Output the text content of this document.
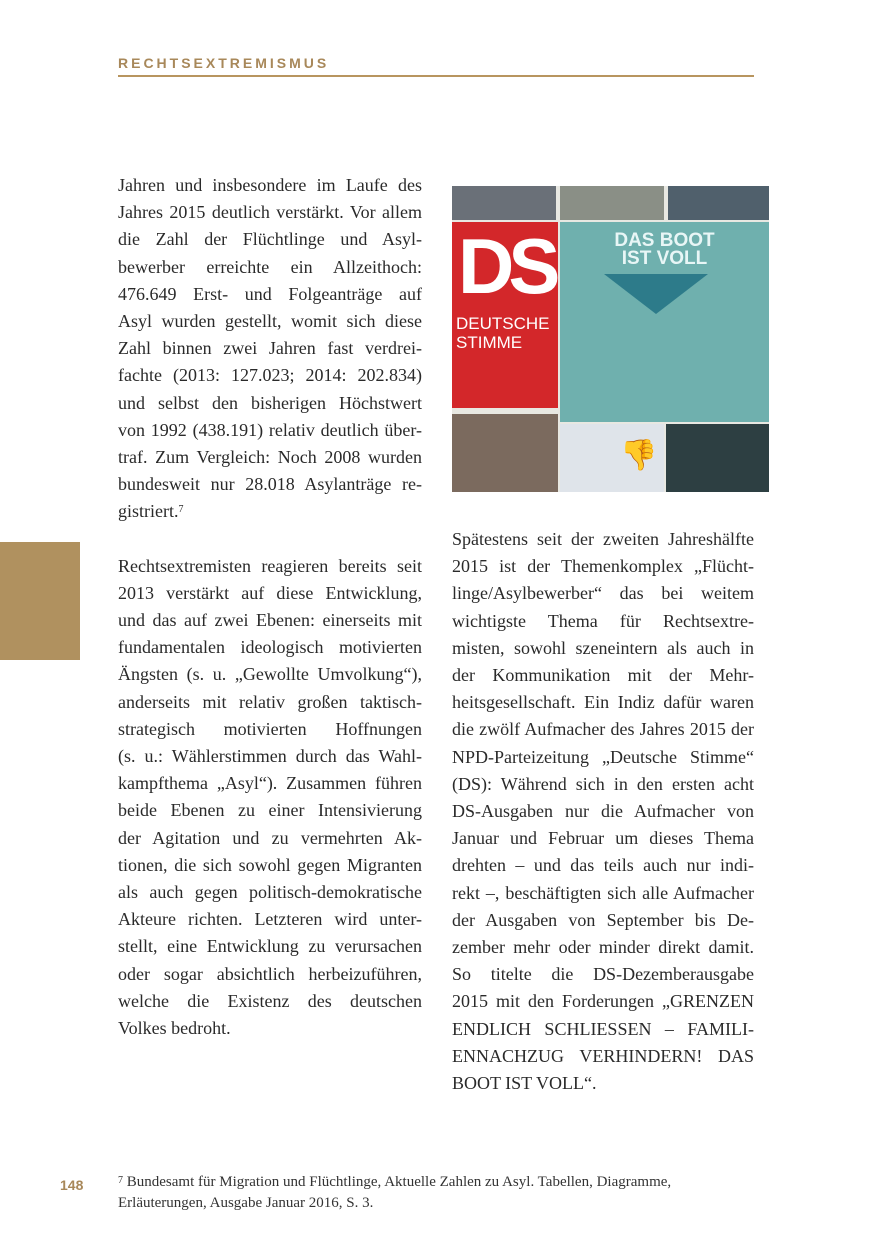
RECHTSEXTREMISMUS

Jahren und insbesondere im Laufe des

Jahres 2015 deutlich verstärkt. Vor allem

die Zahl der Flüchtlinge und Asyl-

bewerber erreichte ein Allzeithoch:

476.649 Erst- und Folgeanträge auf

Asyl wurden gestellt, womit sich diese

Zahl binnen zwei Jahren fast verdrei-

fachte (2013: 127.023; 2014: 202.834)

und selbst den bisherigen Höchstwert

von 1992 (438.191) relativ deutlich über-

traf. Zum Vergleich: Noch 2008 wurden

bundesweit nur 28.018 Asylanträge re-

gistriert.$^7$

Rechtsextremisten reagieren bereits seit

2013 verstärkt auf diese Entwicklung,

und das auf zwei Ebenen: einerseits mit

fundamentalen ideologisch motivierten

Ängsten (s. u. „Gewollte Umvolkung“),

anderseits mit relativ großen taktisch-

strategisch motivierten Hoffnungen

(s. u.: Wählerstimmen durch das Wahl-

kampfthema „Asyl“). Zusammen führen

beide Ebenen zu einer Intensivierung

der Agitation und zu vermehrten Ak-

tionen, die sich sowohl gegen Migranten

als auch gegen politisch-demokratische

Akteure richten. Letzteren wird unter-

stellt, eine Entwicklung zu verursachen

oder sogar absichtlich herbeizuführen,

welche die Existenz des deutschen

Volkes bedroht.

DS
DEUTSCHE
STIMME
DAS BOOT
IST VOLL
👎

Spätestens seit der zweiten Jahreshälfte

2015 ist der Themenkomplex „Flücht-

linge/Asylbewerber“ das bei weitem

wichtigste Thema für Rechtsextre-

misten, sowohl szeneintern als auch in

der Kommunikation mit der Mehr-

heitsgesellschaft. Ein Indiz dafür waren

die zwölf Aufmacher des Jahres 2015 der

NPD-Parteizeitung „Deutsche Stimme“

(DS): Während sich in den ersten acht

DS-Ausgaben nur die Aufmacher von

Januar und Februar um dieses Thema

drehten – und das teils auch nur indi-

rekt –, beschäftigten sich alle Aufmacher

der Ausgaben von September bis De-

zember mehr oder minder direkt damit.

So titelte die DS-Dezemberausgabe

2015 mit den Forderungen „GRENZEN

ENDLICH SCHLIESSEN – FAMILI-

ENNACHZUG VERHINDERN! DAS

BOOT IST VOLL“.

148	$^7$ Bundesamt für Migration und Flüchtlinge, Aktuelle Zahlen zu Asyl. Tabellen, Diagramme, Erläuterungen, Ausgabe Januar 2016, S. 3.
